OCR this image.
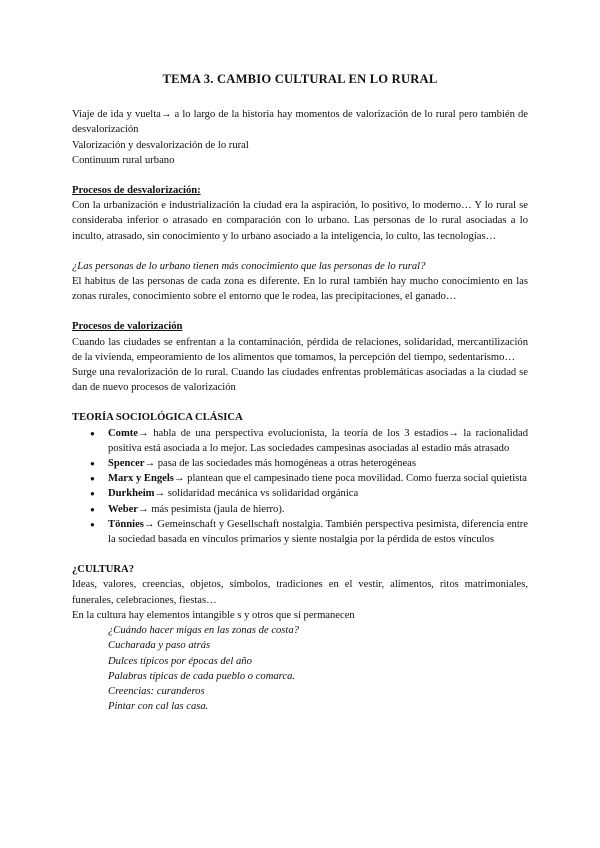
TEMA 3. CAMBIO CULTURAL EN LO RURAL

Viaje de ida y vuelta→ a lo largo de la historia hay momentos de valorización de lo rural pero también de desvalorización

Valorización y desvalorización de lo rural

Continuum rural urbano

Procesos de desvalorización:

Con la urbanización e industrialización la ciudad era la aspiración, lo positivo, lo moderno… Y lo rural se consideraba inferior o atrasado en comparación con lo urbano. Las personas de lo rural asociadas a lo inculto, atrasado, sin conocimiento y lo urbano asociado a la inteligencia, lo culto, las tecnologías…

¿Las personas de lo urbano tienen más conocimiento que las personas de lo rural?

El habitus de las personas de cada zona es diferente. En lo rural también hay mucho conocimiento en las zonas rurales, conocimiento sobre el entorno que le rodea, las precipitaciones, el ganado…

Procesos de valorización

Cuando las ciudades se enfrentan a la contaminación, pérdida de relaciones, solidaridad, mercantilización de la vivienda, empeoramiento de los alimentos que tomamos, la percepción del tiempo, sedentarismo…

Surge una revalorización de lo rural. Cuando las ciudades enfrentas problemáticas asociadas a la ciudad se dan de nuevo procesos de valorización

TEORÍA SOCIOLÓGICA CLÁSICA

● Comte→ habla de una perspectiva evolucionista, la teoría de los 3 estadios→ la racionalidad positiva está asociada a lo mejor. Las sociedades campesinas asociadas al estadio más atrasado
● Spencer→ pasa de las sociedades más homogéneas a otras heterogéneas
● Marx y Engels→ plantean que el campesinado tiene poca movilidad. Como fuerza social quietista
● Durkheim→ solidaridad mecánica vs solidaridad orgánica
● Weber→ más pesimista (jaula de hierro).
● Tönnies→ Gemeinschaft y Gesellschaft nostalgia. También perspectiva pesimista, diferencia entre la sociedad basada en vínculos primarios y siente nostalgia por la pérdida de estos vínculos

¿CULTURA?

Ideas, valores, creencias, objetos, símbolos, tradiciones en el vestir, alimentos, ritos matrimoniales, funerales, celebraciones, fiestas…

En la cultura hay elementos intangible s y otros que sí permanecen

¿Cuándo hacer migas en las zonas de costa?

Cucharada y paso atrás

Dulces típicos por épocas del año

Palabras típicas de cada pueblo o comarca.

Creencias: curanderos

Pintar con cal las casa.
